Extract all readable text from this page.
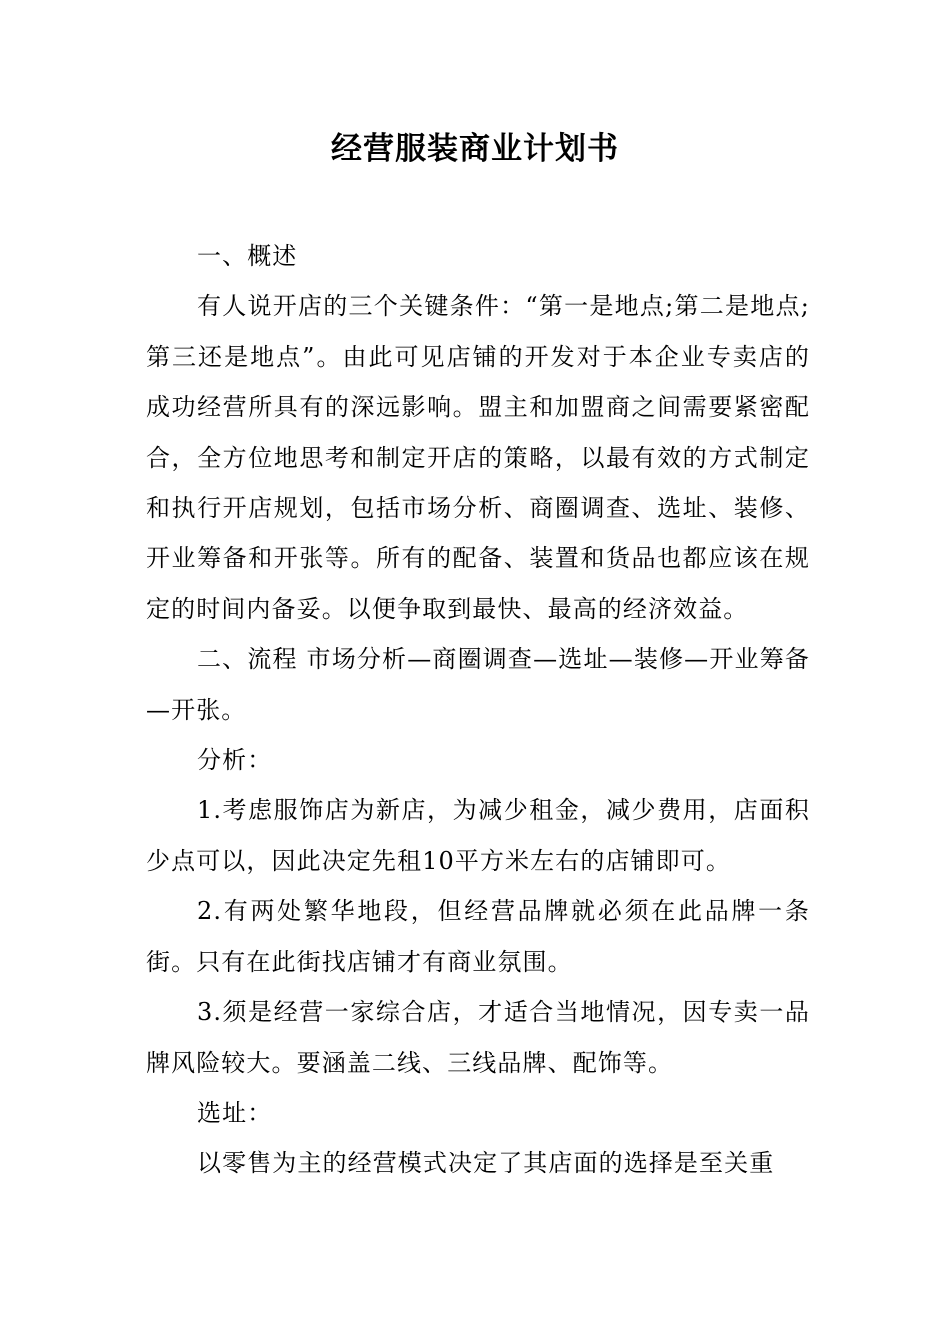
经营服装商业计划书

一、概述

有人说开店的三个关键条件：“第一是地点;第二是地点;第三还是地点”。由此可见店铺的开发对于本企业专卖店的成功经营所具有的深远影响。盟主和加盟商之间需要紧密配合，全方位地思考和制定开店的策略，以最有效的方式制定和执行开店规划，包括市场分析、商圈调查、选址、装修、开业筹备和开张等。所有的配备、装置和货品也都应该在规定的时间内备妥。以便争取到最快、最高的经济效益。

二、流程 市场分析—商圈调查—选址—装修—开业筹备—开张。

分析：

1.考虑服饰店为新店，为减少租金，减少费用，店面积少点可以，因此决定先租10平方米左右的店铺即可。

2.有两处繁华地段，但经营品牌就必须在此品牌一条街。只有在此街找店铺才有商业氛围。

3.须是经营一家综合店，才适合当地情况，因专卖一品牌风险较大。要涵盖二线、三线品牌、配饰等。

选址：

以零售为主的经营模式决定了其店面的选择是至关重
